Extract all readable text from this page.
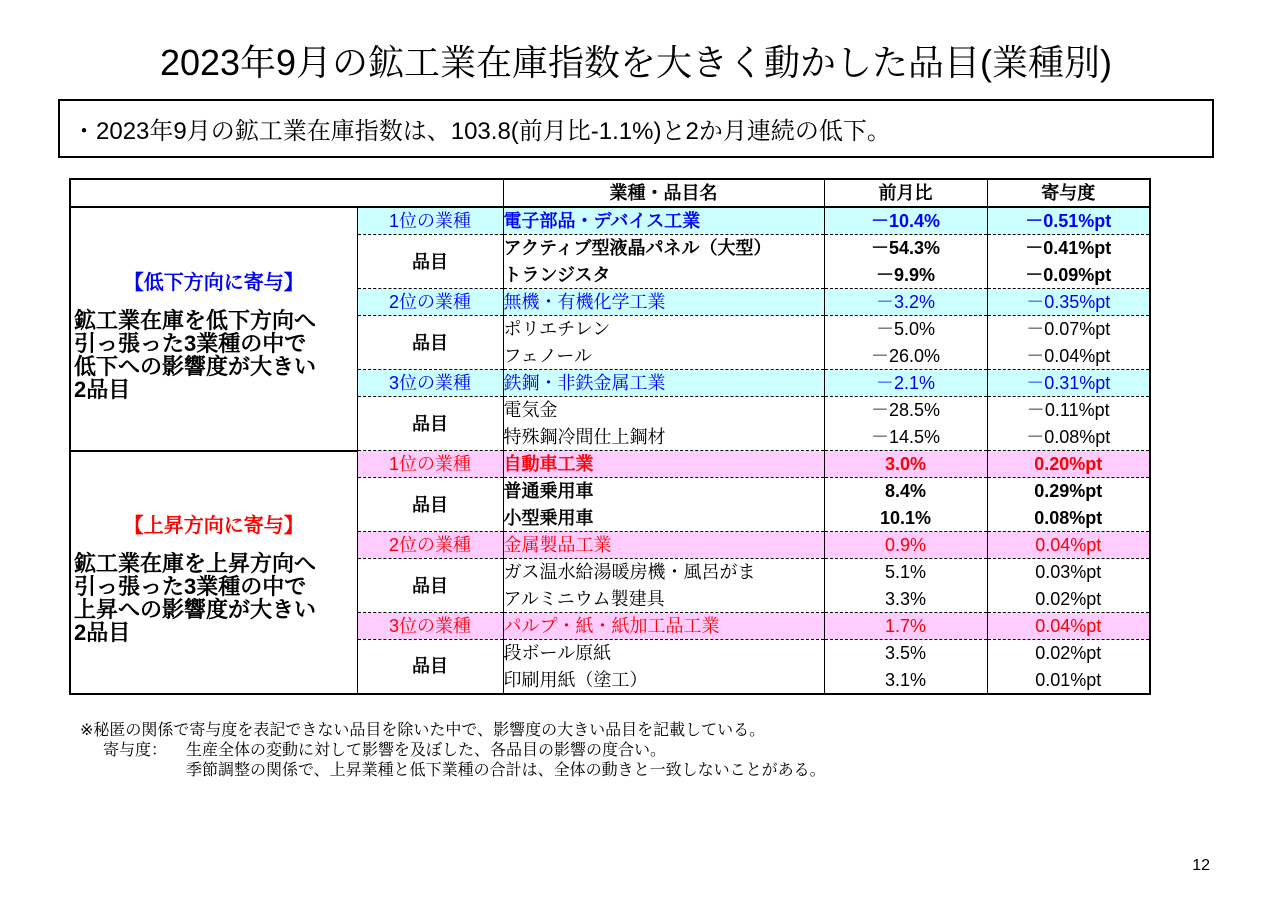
2023年9月の鉱工業在庫指数を大きく動かした品目(業種別)
・2023年9月の鉱工業在庫指数は、103.8(前月比-1.1%)と2か月連続の低下。
		業種・品目名	前月比	寄与度

【低下方向に寄与】
鉱工業在庫を低下方向へ
引っ張った3業種の中で
低下への影響度が大きい
2品目	1位の業種	電子部品・デバイス工業	－10.4%	－0.51%pt
	品目	アクティブ型液晶パネル（大型）	－54.3%	－0.41%pt
		トランジスタ	－9.9%	－0.09%pt
	2位の業種	無機・有機化学工業	－3.2%	－0.35%pt
	品目	ポリエチレン	－5.0%	－0.07%pt
		フェノール	－26.0%	－0.04%pt
	3位の業種	鉄鋼・非鉄金属工業	－2.1%	－0.31%pt
	品目	電気金	－28.5%	－0.11%pt
		特殊鋼冷間仕上鋼材	－14.5%	－0.08%pt

【上昇方向に寄与】
鉱工業在庫を上昇方向へ
引っ張った3業種の中で
上昇への影響度が大きい
2品目	1位の業種	自動車工業	3.0%	0.20%pt
	品目	普通乗用車	8.4%	0.29%pt
		小型乗用車	10.1%	0.08%pt
	2位の業種	金属製品工業	0.9%	0.04%pt
	品目	ガス温水給湯暖房機・風呂がま	5.1%	0.03%pt
		アルミニウム製建具	3.3%	0.02%pt
	3位の業種	パルプ・紙・紙加工品工業	1.7%	0.04%pt
	品目	段ボール原紙	3.5%	0.02%pt
		印刷用紙（塗工）	3.1%	0.01%pt
※秘匿の関係で寄与度を表記できない品目を除いた中で、影響度の大きい品目を記載している。
寄与度： 生産全体の変動に対して影響を及ぼした、各品目の影響の度合い。
季節調整の関係で、上昇業種と低下業種の合計は、全体の動きと一致しないことがある。
12
